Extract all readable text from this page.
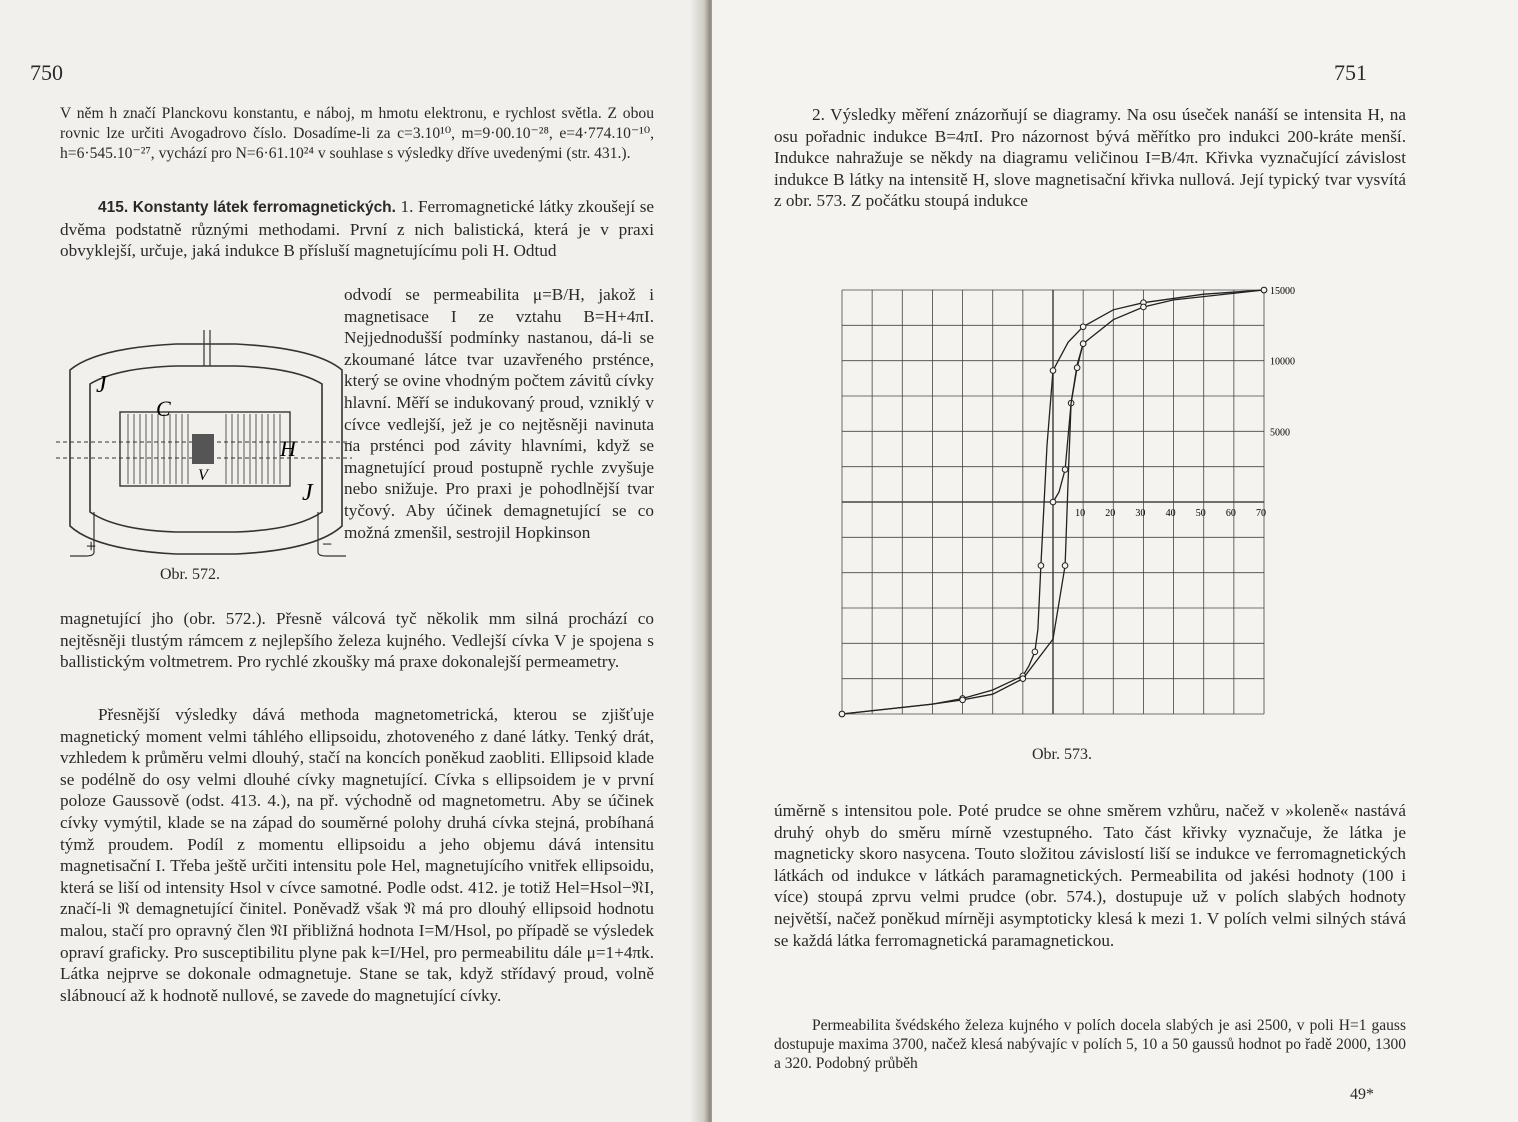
750
V něm h značí Planckovu konstantu, e náboj, m hmotu elektronu, e rychlost světla. Z obou rovnic lze určiti Avogadrovo číslo. Dosadíme-li za c=3.10¹⁰, m=9·00.10⁻²⁸, e=4·774.10⁻¹⁰, h=6·545.10⁻²⁷, vychází pro N=6·61.10²⁴ v souhlase s výsledky dříve uvedenými (str. 431.).

415. Konstanty látek ferromagnetických. 1. Ferromagnetické látky zkoušejí se dvěma podstatně různými methodami. První z nich balistická, která je v praxi obvyklejší, určuje, jaká indukce B přísluší magnetujícímu poli H. Odtud

odvodí se permeabilita μ=B/H, jakož i magnetisace I ze vztahu B=H+4πI. Nejjednodušší podmínky nastanou, dá-li se zkoumané látce tvar uzavřeného prsténce, který se ovine vhodným počtem závitů cívky hlavní. Měří se indukovaný proud, vzniklý v cívce vedlejší, jež je co nejtěsněji navinuta na prsténci pod závity hlavními, když se magnetující proud postupně rychle zvyšuje nebo snižuje. Pro praxi je pohodlnější tvar tyčový. Aby účinek demagnetující se co možná zmenšil, sestrojil Hopkinson
J
C
H
V
J
+	−
Obr. 572.
magnetující jho (obr. 572.). Přesně válcová tyč několik mm silná prochází co nejtěsněji tlustým rámcem z nejlepšího železa kujného. Vedlejší cívka V je spojena s ballistickým voltmetrem. Pro rychlé zkoušky má praxe dokonalejší permeametry.

Přesnější výsledky dává methoda magnetometrická, kterou se zjišťuje magnetický moment velmi táhlého ellipsoidu, zhotoveného z dané látky. Tenký drát, vzhledem k průměru velmi dlouhý, stačí na koncích poněkud zaobliti. Ellipsoid klade se podélně do osy velmi dlouhé cívky magnetující. Cívka s ellipsoidem je v první poloze Gaussově (odst. 413. 4.), na př. východně od magnetometru. Aby se účinek cívky vymýtil, klade se na západ do souměrné polohy druhá cívka stejná, probíhaná týmž proudem. Podíl z momentu ellipsoidu a jeho objemu dává intensitu magnetisační I. Třeba ještě určiti intensitu pole Hel, magnetujícího vnitřek ellipsoidu, která se liší od intensity Hsol v cívce samotné. Podle odst. 412. je totiž Hel=Hsol−𝔑I, značí-li 𝔑 demagnetující činitel. Poněvadž však 𝔑 má pro dlouhý ellipsoid hodnotu malou, stačí pro opravný člen 𝔑I přibližná hodnota I=M/Hsol, po případě se výsledek opraví graficky. Pro susceptibilitu plyne pak k=I/Hel, pro permeabilitu dále μ=1+4πk. Látka nejprve se dokonale odmagnetuje. Stane se tak, když střídavý proud, volně slábnoucí až k hodnotě nullové, se zavede do magnetující cívky.

751

2. Výsledky měření znázorňují se diagramy. Na osu úseček nanáší se intensita H, na osu pořadnic indukce B=4πI. Pro názornost bývá měřítko pro indukci 200-kráte menší. Indukce nahražuje se někdy na diagramu veličinou I=B/4π. Křivka vyznačující závislost indukce B látky na intensitě H, slove magnetisační křivka nullová. Její typický tvar vysvítá z obr. 573. Z počátku stoupá indukce

10 20 30 40 50 60 70
5000
10000
15000
Obr. 573.
úměrně s intensitou pole. Poté prudce se ohne směrem vzhůru, načež v »koleně« nastává druhý ohyb do směru mírně vzestupného. Tato část křivky vyznačuje, že látka je magneticky skoro nasycena. Touto složitou závislostí liší se indukce ve ferromagnetických látkách od indukce v látkách paramagnetických. Permeabilita od jakési hodnoty (100 i více) stoupá zprvu velmi prudce (obr. 574.), dostupuje už v polích slabých hodnoty největší, načež poněkud mírněji asymptoticky klesá k mezi 1. V polích velmi silných stává se každá látka ferromagnetická paramagnetickou.

Permeabilita švédského železa kujného v polích docela slabých je asi 2500, v poli H=1 gauss dostupuje maxima 3700, načež klesá nabývajíc v polích 5, 10 a 50 gaussů hodnot po řadě 2000, 1300 a 320. Podobný průběh

49*
